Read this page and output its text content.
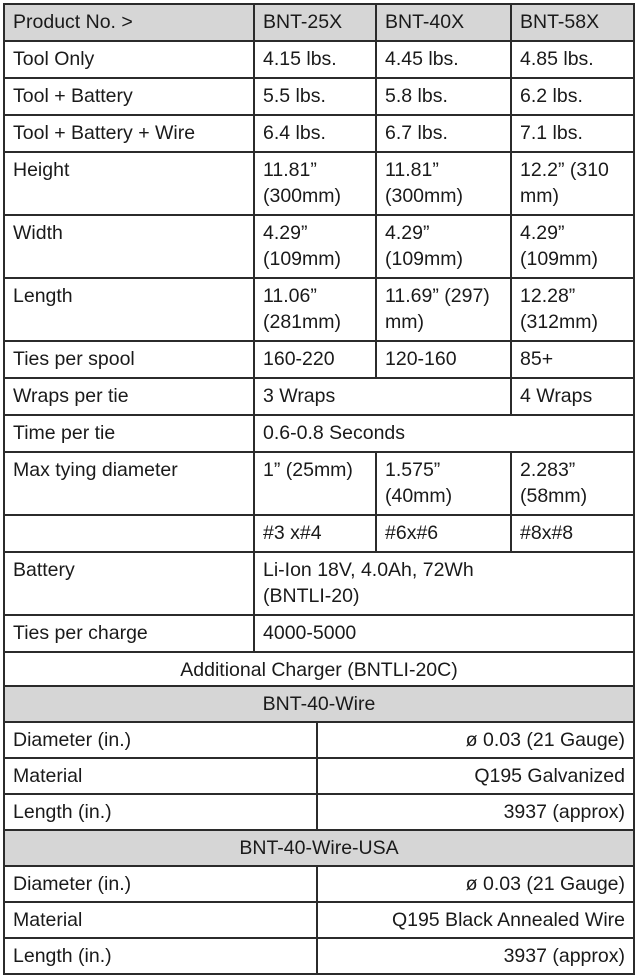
Product No. >	BNT-25X	BNT-40X	BNT-58X
Tool Only	4.15 lbs.	4.45 lbs.	4.85 lbs.
Tool + Battery	5.5 lbs.	5.8 lbs.	6.2 lbs.
Tool + Battery + Wire	6.4 lbs.	6.7 lbs.	7.1 lbs.
Height	11.81” (300mm)	11.81” (300mm)	12.2” (310 mm)
Width	4.29” (109mm)	4.29” (109mm)	4.29” (109mm)
Length	11.06” (281mm)	11.69” (297) mm)	12.28” (312mm)
Ties per spool	160-220	120-160	85+
Wraps per tie	3 Wraps		4 Wraps
Time per tie	0.6-0.8 Seconds		
Max tying diameter	1” (25mm)	1.575” (40mm)	2.283” (58mm)
	#3 x#4	#6x#6	#8x#8
Battery	Li-Ion 18V, 4.0Ah, 72Wh (BNTLI-20)		

Ties per charge	4000-5000		
Additional Charger (BNTLI-20C)			
BNT-40-Wire	
Diameter (in.)	ø 0.03 (21 Gauge)
Material	Q195 Galvanized
Length (in.)	3937 (approx)
BNT-40-Wire-USA	
Diameter (in.)	ø 0.03 (21 Gauge)
Material	Q195 Black Annealed Wire
Length (in.)	3937 (approx)
